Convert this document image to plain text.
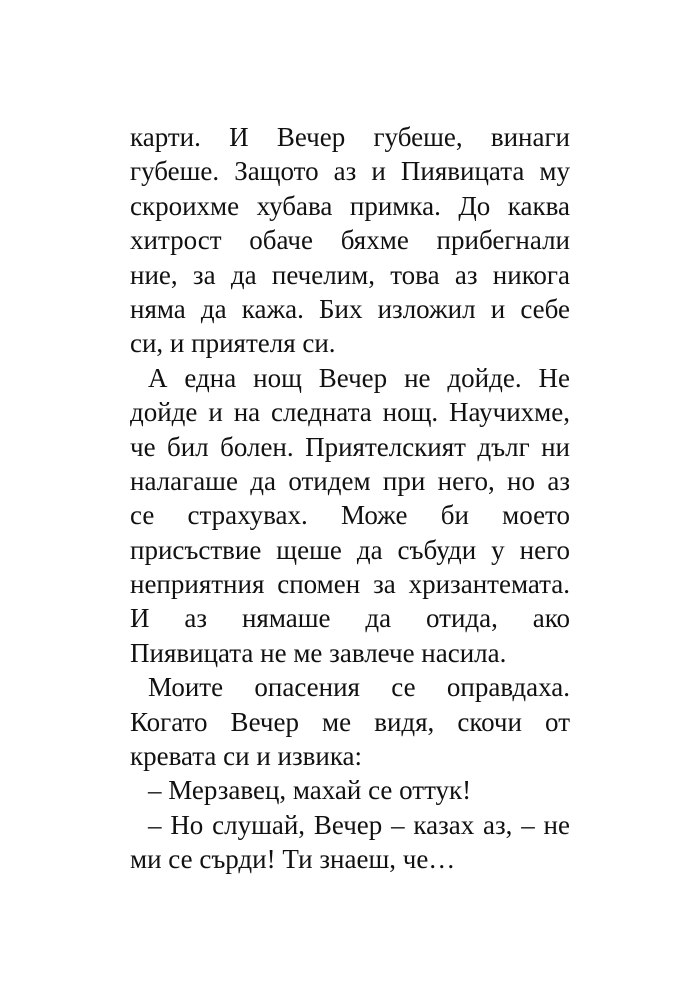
карти. И Вечер губеше, винаги
губеше. Защото аз и Пиявицата му
скроихме хубава примка. До каква
хитрост обаче бяхме прибегнали
ние, за да печелим, това аз никога
няма да кажа. Бих изложил и себе
си, и приятеля си.
А една нощ Вечер не дойде. Не
дойде и на следната нощ. Научихме,
че бил болен. Приятелският дълг ни
налагаше да отидем при него, но аз
се страхувах. Може би моето
присъствие щеше да събуди у него
неприятния спомен за хризантемата.
И аз нямаше да отида, ако
Пиявицата не ме завлече насила.
Моите опасения се оправдаха.
Когато Вечер ме видя, скочи от
кревата си и извика:
– Мерзавец, махай се оттук!
– Но слушай, Вечер – казах аз, – не
ми се сърди! Ти знаеш, че…
